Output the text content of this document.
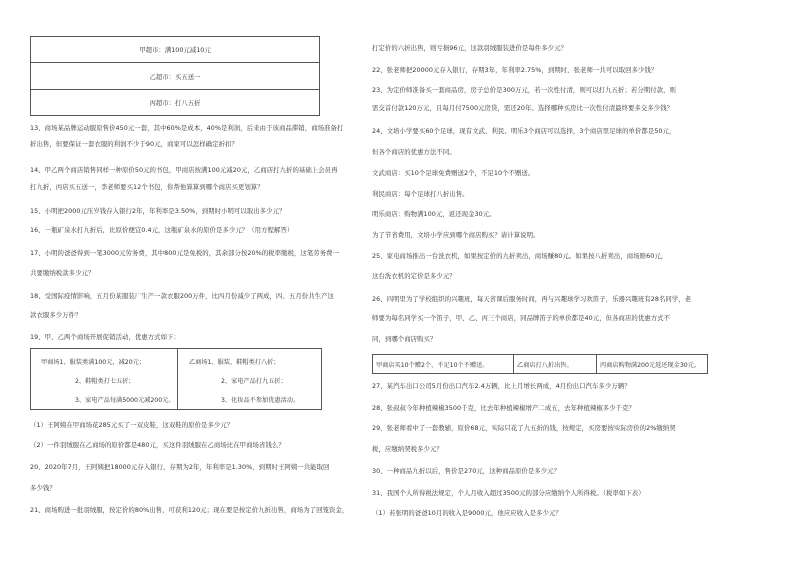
甲超市：满100元减10元
乙超市：买五送一
丙超市：打八五折
13、商场某品牌运动服原售价450元一套，其中60%是成本，40%是利润，后来由于该商品滞销，商场准备打
折出售，但要保证一套衣服的利润不少于90元，商家可以怎样确定折扣？
14、甲乙两个商店销售同样一种原价50元的书包，甲商店按满100元减20元，乙商店打九折的基础上会员再
打九折，丙店买五送一，李老师要买12个书包，你帮他算算到哪个商店买更划算？
15、小明把2000元压岁钱存入银行2年，年利率是3.50%，到期时小明可以取出多少元？
16、一瓶矿泉水打九折后，比原价便宜0.4元，这瓶矿泉水的原价是多少元？（用方程解答）
17、小明的爸爸得到一笔3000元劳务费，其中800元是免税的，其余部分按20%的税率缴税，这笔劳务费一
共要缴纳税款多少元？
18、受国际疫情影响，五月份某服装厂生产一款衣服200万件，比四月份减少了两成，四、五月份共生产这
款衣服多少万件？
19、甲、乙两个商场开展促销活动，优惠方式如下：
甲商场1、服装类满100元，减20元；
2、鞋帽类打七五折；
3、家电产品每满5000元减200元。
乙商场1、服装、鞋帽类打八折；
2、家电产品打九五折；
3、化妆品不参加优惠活动。
（1）王阿姨在甲商场花285元买了一双皮鞋，这双鞋的原价是多少元？
（2）一件羽绒服在乙商场的原价都是480元，买这件羽绒服在乙商场比在甲商场省钱么？
20、2020年7月，王阿姨把18000元存入银行，存期为2年，年利率是1.30%，到期时王阿姨一共能取回
多少钱？
21、商场购进一批羽绒服，按定价的80%出售，可获利120元；现在要是按定价九折出售，商场为了回笼资金，
打定价的六折出售，则亏损96元，这款羽绒服装进价是每件多少元？
22、张老师把20000元存入银行，存期3年，年利率2.75%，到期时，张老师一共可以取回多少钱？
23、为定价师准备买一套商品房，房子总价是300万元，若一次性付清，则可以打九五折；若分期付款，则
需交首付款120万元，且每月付7500元房贷，需还20年。选择哪种买房比一次性付清最终要多交多少钱？
24、文培小学要买60个足球，现有文武、利民、明乐3个商店可以选择，3个商店里足球的单价都是50元，
但各个商店的优惠方法不同。
文武商店：买10个足球免费赠送2个，不足10个不赠送。
利民商店：每个足球打八折出售。
明乐商店：购物满100元，返还现金30元。
为了节省费用，文培小学应到哪个商店购买？请计算说明。
25、家电商场推出一台洗衣机，如果按定价的九折卖出，商场赚80元。如果按八折卖出，商场赔60元，
这台洗衣机的定价是多少元？
26、四明里为了学校组织的兴趣班，每天省课后服务时间，再与兴趣球学习欢笛子，乐器兴趣班有28名同学，老
师要为每名同学买一个笛子，甲、乙、丙三个商店，同品牌笛子的单价都是40元，但各商店的优惠方式不
同，到哪个商店购买？
甲商店买10个赠2个，不足10个不赠送。	乙商店打八折出售。	丙商店购物满200元返还现金30元。
27、某汽车出口公司5月份出口汽车2.4万辆，比上月增长两成，4月份出口汽车多少万辆？
28、张叔叔今年种植辣椒3500千克，比去年种植辣椒增产二成五，去年种植辣椒多少千克？
29、张老师看中了一套教辅，原价68元，实际只花了九五折的钱，按规定，买房要按实际房价的2%缴纳契
税，应缴纳契税多少元？
30、一种商品九折以后，售价是270元，这种商品原价是多少元？
31、我国个人所得税法规定，个人月收入超过3500元的部分应缴纳个人所得税。（税率如下表）
（1）若张明的爸爸10月的收入是9000元，他应应收入是多少元？
